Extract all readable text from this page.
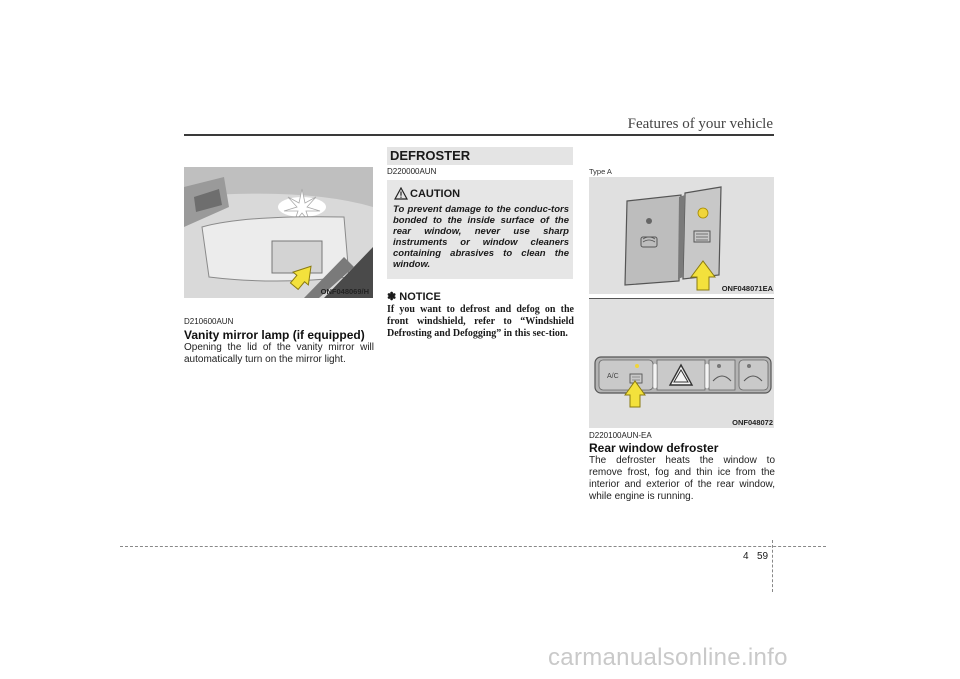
Features of your vehicle
ONF048069/H
D210600AUN
Vanity mirror lamp (if equipped)
Opening the lid of the vanity mirror will automatically turn on the mirror light.
DEFROSTER
D220000AUN
CAUTION
To prevent damage to the conduc-tors bonded to the inside surface of the rear window, never use sharp instruments or window cleaners containing abrasives to clean the window.
✽ NOTICE
If you want to defrost and defog on the front windshield, refer to “Windshield Defrosting and Defogging” in this sec-tion.
Type A
ONF048071EA
A/C
ONF048072
D220100AUN-EA
Rear window defroster
The defroster heats the window to remove frost, fog and thin ice from the interior and exterior of the rear window, while engine is running.
4 59
carmanualsonline.info
